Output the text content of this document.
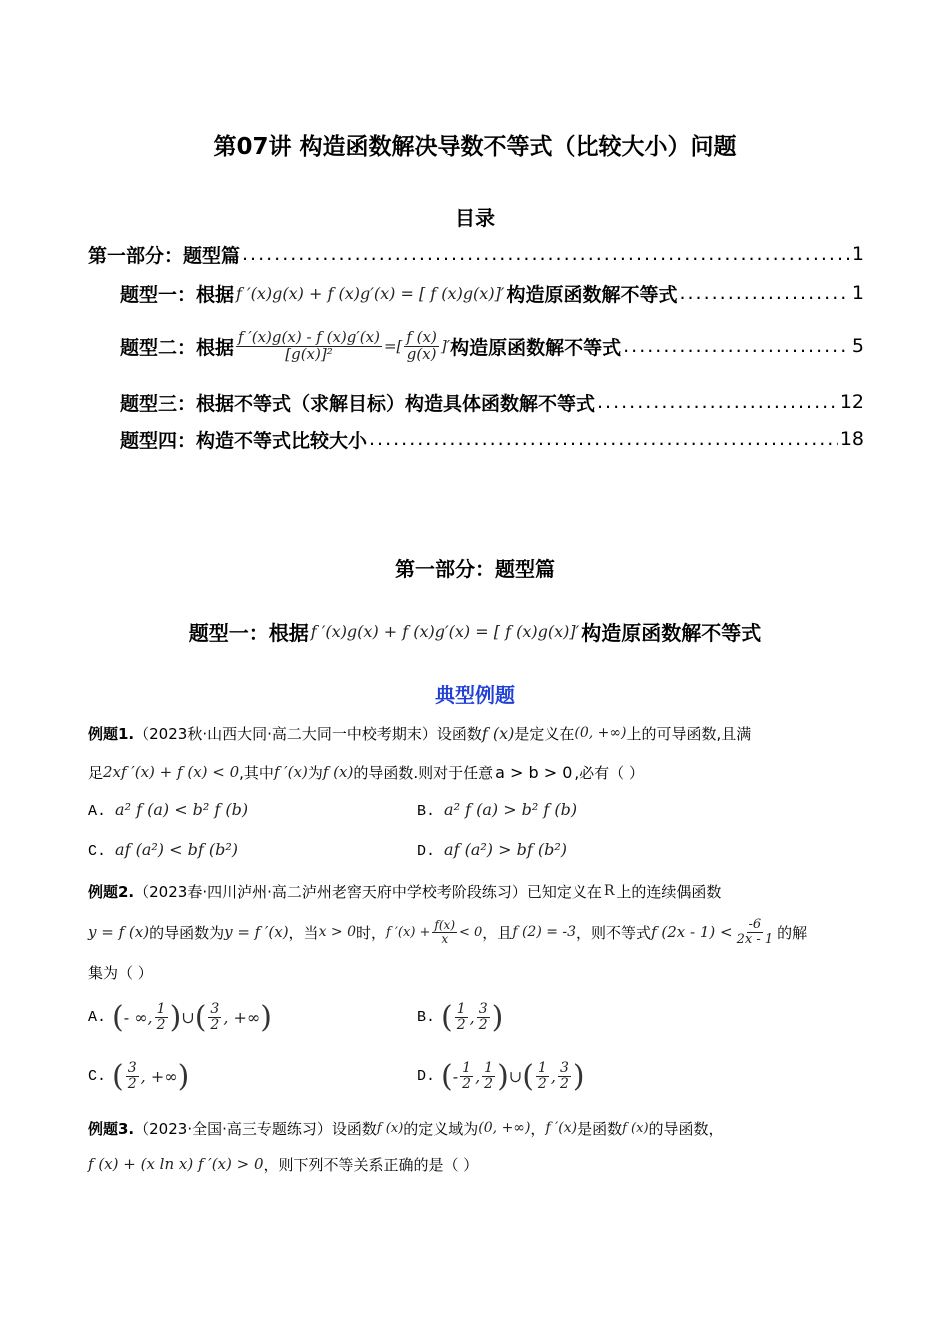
第07讲 构造函数解决导数不等式（比较大小）问题
目录
第一部分：题型篇 .....	1
题型一：根据 f ′(x)g(x) + f (x)g′(x) = [ f (x)g(x)]′ 构造原函数解不等式 .....	1
题型二：根据 $\frac{f '(x)g(x) - f (x)g'(x)}{\text{[g(x)]²}}$ =[ $\frac{f (x)}{g(x)}$ ]′ 构造原函数解不等式 .....	5
题型三：根据不等式（求解目标）构造具体函数解不等式 .....	12
题型四：构造不等式比较大小 .....	18
第一部分：题型篇
题型一：根据 f ′(x)g(x) + f (x)g′(x) = [ f (x)g(x)]′ 构造原函数解不等式
典型例题
例题1. （2023秋·山西大同·高二大同一中校考期末）设函数 f (x) 是定义在 (0, +∞) 上的可导函数,且满
足 2xf ′(x) + f (x) < 0 ,其中 f ′(x) 为 f (x) 的导函数.则对于任意 a > b > 0 ,必有（ ）
A. a² f (a) < b² f (b)	B. a² f (a) > b² f (b)
C. af (a²) < bf (b²)	D. af (a²) > bf (b²)
例题2. （2023春·四川泸州·高二泸州老窖天府中学校考阶段练习）已知定义在 R 上的连续偶函数
y = f (x) 的导函数为 y = f ′(x) ，当 x > 0 时， f $'(x) + \frac{f(x)}{x} < 0$ ，且 f (2) = -3 ，则不等式 f $(2x - 1) < \frac{-6}{2x - 1}$ 的解
集为（ ）
A. ( - ∞, $\frac{1}{2}$ ) ∪ ( $\frac{3}{2}$ , +∞ )	B. ( $\frac{1}{2}$ , $\frac{3}{2}$ )
C. ( $\frac{3}{2}$ , +∞ )	D. ( - $\frac{1}{2}$ , $\frac{1}{2}$ ) ∪ ( $\frac{1}{2}$ , $\frac{3}{2}$ )
例题3. （2023·全国·高三专题练习）设函数 f (x) 的定义域为 (0, +∞) ， f ′(x) 是函数 f (x) 的导函数，
f (x) + (x ln x) f ′(x) > 0 ，则下列不等关系正确的是（ ）
